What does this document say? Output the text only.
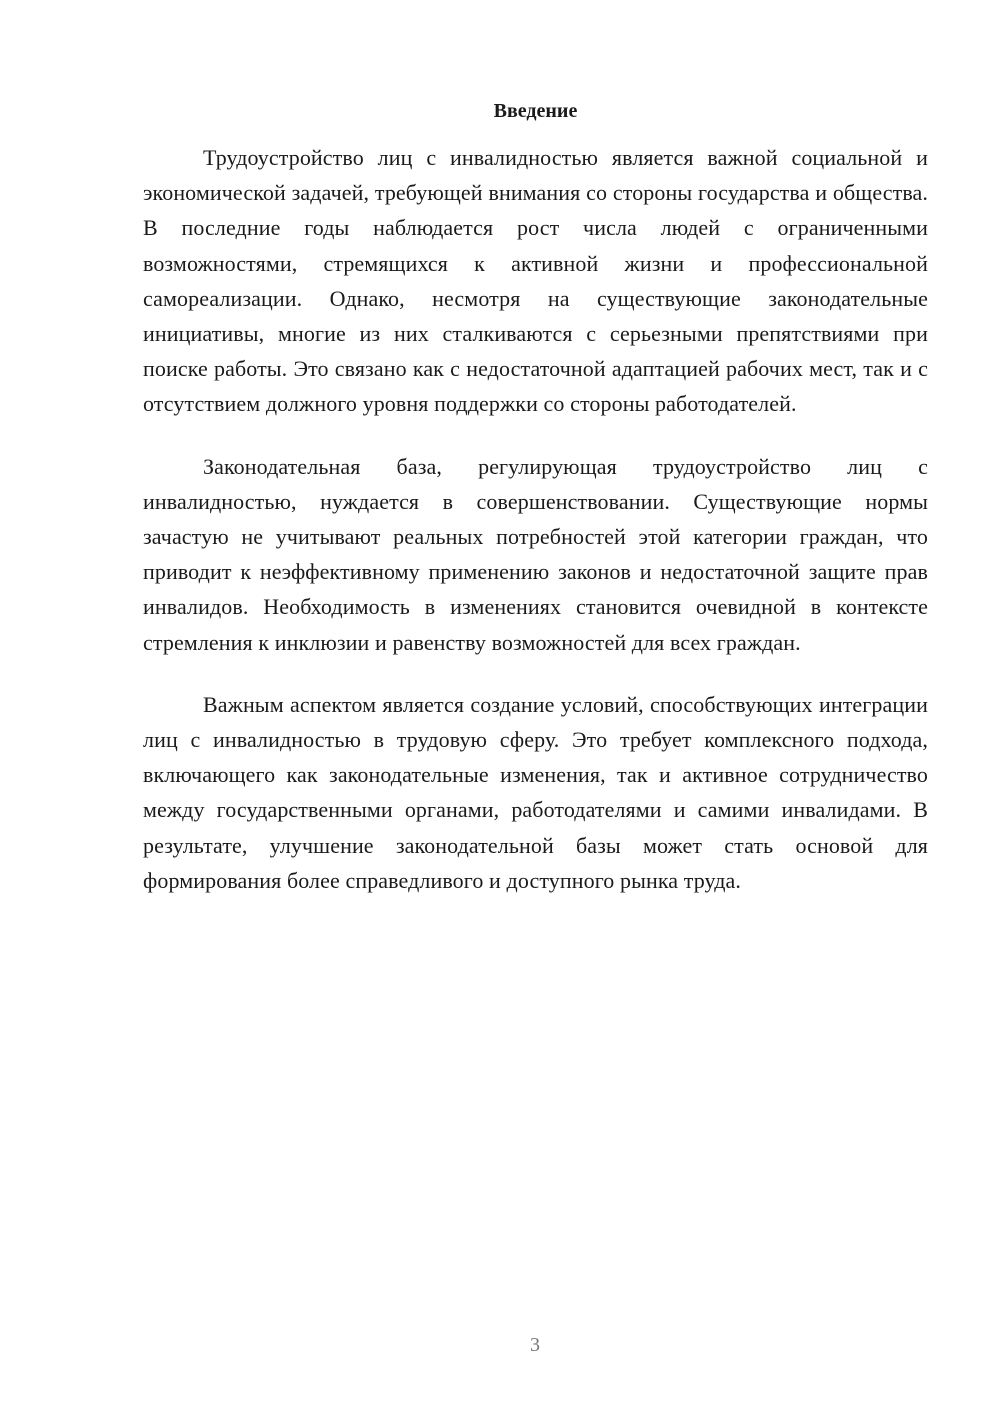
Введение

Трудоустройство лиц с инвалидностью является важной социальной и экономической задачей, требующей внимания со стороны государства и общества. В последние годы наблюдается рост числа людей с ограниченными возможностями, стремящихся к активной жизни и профессиональной самореализации. Однако, несмотря на существующие законодательные инициативы, многие из них сталкиваются с серьезными препятствиями при поиске работы. Это связано как с недостаточной адаптацией рабочих мест, так и с отсутствием должного уровня поддержки со стороны работодателей.

Законодательная база, регулирующая трудоустройство лиц с инвалидностью, нуждается в совершенствовании. Существующие нормы зачастую не учитывают реальных потребностей этой категории граждан, что приводит к неэффективному применению законов и недостаточной защите прав инвалидов. Необходимость в изменениях становится очевидной в контексте стремления к инклюзии и равенству возможностей для всех граждан.

Важным аспектом является создание условий, способствующих интеграции лиц с инвалидностью в трудовую сферу. Это требует комплексного подхода, включающего как законодательные изменения, так и активное сотрудничество между государственными органами, работодателями и самими инвалидами. В результате, улучшение законодательной базы может стать основой для формирования более справедливого и доступного рынка труда.

3
